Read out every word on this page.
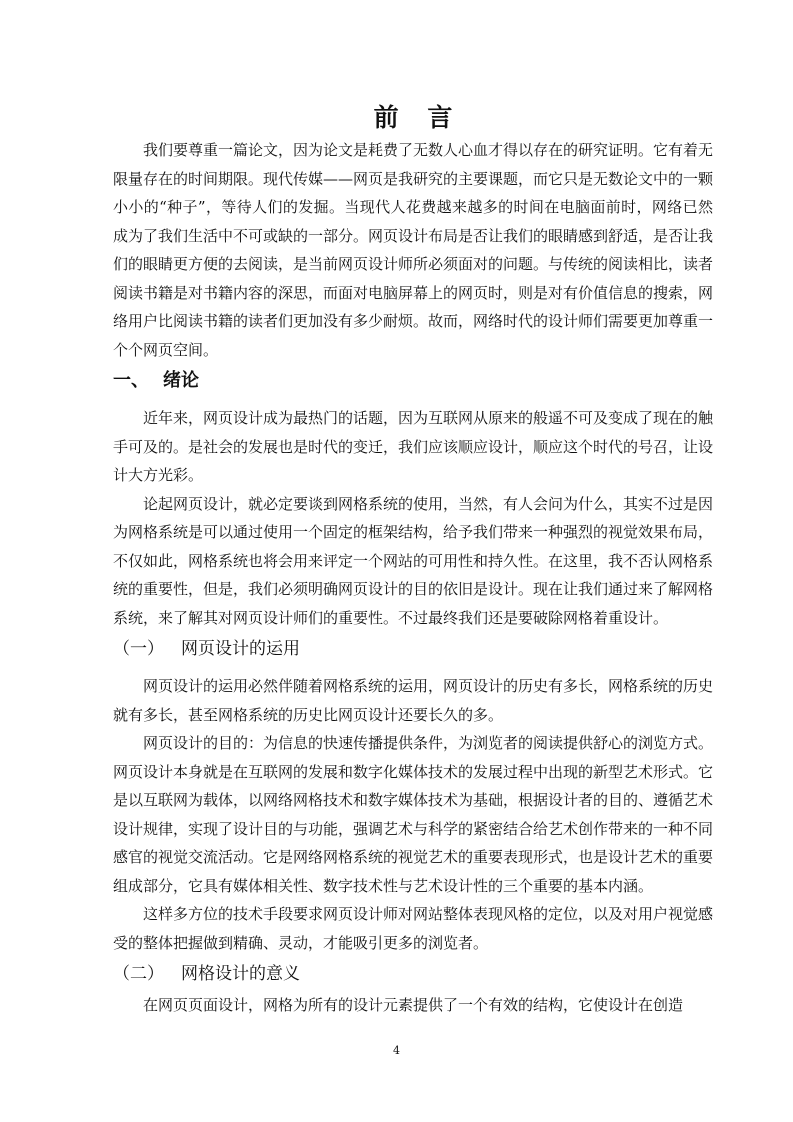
前 言

我们要尊重一篇论文，因为论文是耗费了无数人心血才得以存在的研究证明。它有着无限量存在的时间期限。现代传媒——网页是我研究的主要课题，而它只是无数论文中的一颗小小的“种子”，等待人们的发掘。当现代人花费越来越多的时间在电脑面前时，网络已然成为了我们生活中不可或缺的一部分。网页设计布局是否让我们的眼睛感到舒适，是否让我们的眼睛更方便的去阅读，是当前网页设计师所必须面对的问题。与传统的阅读相比，读者阅读书籍是对书籍内容的深思，而面对电脑屏幕上的网页时，则是对有价值信息的搜索，网络用户比阅读书籍的读者们更加没有多少耐烦。故而，网络时代的设计师们需要更加尊重一个个网页空间。

一、 绪论

近年来，网页设计成为最热门的话题，因为互联网从原来的般遥不可及变成了现在的触手可及的。是社会的发展也是时代的变迁，我们应该顺应设计，顺应这个时代的号召，让设计大方光彩。

论起网页设计，就必定要谈到网格系统的使用，当然，有人会问为什么，其实不过是因为网格系统是可以通过使用一个固定的框架结构，给予我们带来一种强烈的视觉效果布局，不仅如此，网格系统也将会用来评定一个网站的可用性和持久性。在这里，我不否认网格系统的重要性，但是，我们必须明确网页设计的目的依旧是设计。现在让我们通过来了解网格系统，来了解其对网页设计师们的重要性。不过最终我们还是要破除网格着重设计。

（一） 网页设计的运用

网页设计的运用必然伴随着网格系统的运用，网页设计的历史有多长，网格系统的历史就有多长，甚至网格系统的历史比网页设计还要长久的多。

网页设计的目的：为信息的快速传播提供条件，为浏览者的阅读提供舒心的浏览方式。网页设计本身就是在互联网的发展和数字化媒体技术的发展过程中出现的新型艺术形式。它是以互联网为载体，以网络网格技术和数字媒体技术为基础，根据设计者的目的、遵循艺术设计规律，实现了设计目的与功能，强调艺术与科学的紧密结合给艺术创作带来的一种不同感官的视觉交流活动。它是网络网格系统的视觉艺术的重要表现形式，也是设计艺术的重要组成部分，它具有媒体相关性、数字技术性与艺术设计性的三个重要的基本内涵。

这样多方位的技术手段要求网页设计师对网站整体表现风格的定位，以及对用户视觉感受的整体把握做到精确、灵动，才能吸引更多的浏览者。

（二） 网格设计的意义

在网页页面设计，网格为所有的设计元素提供了一个有效的结构，它使设计在创造

4
